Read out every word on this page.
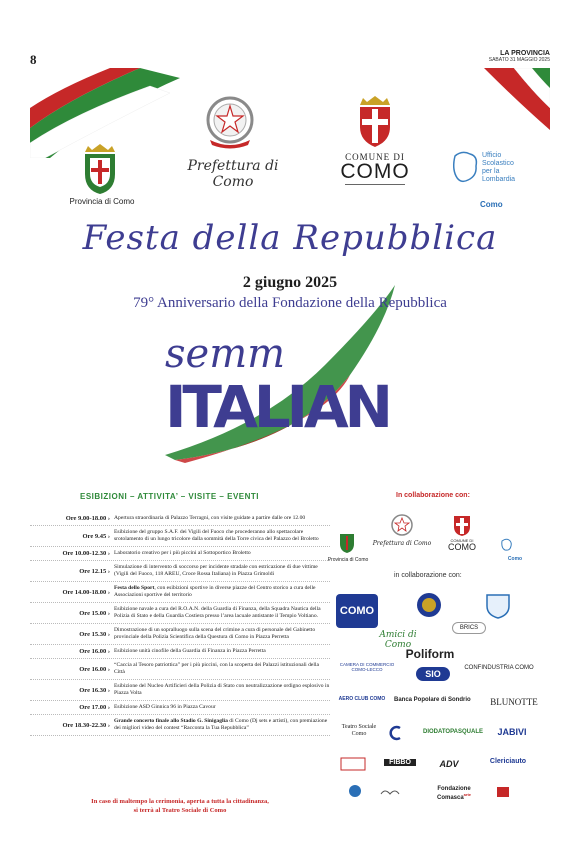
8	LA PROVINCIA
SABATO 31 MAGGIO 2025
Provincia di Como
Prefettura di Como
COMUNE DI
COMO
Ufficio
Scolastico
per la
Lombardia
Como
Festa della Repubblica
2 giugno 2025
semm
ITALIAN
79° Anniversario della Fondazione della Repubblica
ESIBIZIONI – ATTIVITA’ – VISITE – EVENTI	In collaborazione con:
in collaborazione con:
Ore 9.00-18.00 › Apertura straordinaria di Palazzo Terragni, con visite guidate a partire dalle ore 12.00
Ore 9.45 ›
Esibizione del gruppo S.A.F. dei Vigili del Fuoco che procederanno allo spettacolare srotolamento di un lungo tricolore dalla sommità della Torre civica del Palazzo del Broletto
Ore 10.00-12.30 › Laboratorio creativo per i più piccini al Sottoportico Broletto
Ore 12.15 ›
Simulazione di intervento di soccorso per incidente stradale con estricazione di due vittime (Vigili del Fuoco, 118 AREU, Croce Rossa Italiana) in Piazza Grimoldi
Ore 14.00-18.00 ›
Festa dello Sport, con esibizioni sportive in diverse piazze del Centro storico a cura delle Associazioni sportive del territorio
Ore 15.00 ›
Esibizione navale a cura del R.O.A.N. della Guardia di Finanza, della Squadra Nautica della Polizia di Stato e della Guardia Costiera presso l’area lacuale antistante il Tempio Voltiano.
Ore 15.30 ›
Dimostrazione di un sopralluogo sulla scena del crimine a cura di personale del Gabinetto provinciale della Polizia Scientifica della Questura di Como in Piazza Perretta
Ore 16.00 › Esibizione unità cinofile della Guardia di Finanza in Piazza Perretta
Ore 16.00 ›
“Caccia al Tesoro patriottica” per i più piccini, con la scoperta dei Palazzi istituzionali della Città
Ore 16.30 ›
Esibizione del Nucleo Artificieri della Polizia di Stato con neutralizzazione ordigno esplosivo in Piazza Volta
Ore 17.00 › Esibizione ASD Ginnica 96 in Piazza Cavour
Ore 18.30-22.30 ›
Grande concerto finale allo Stadio G. Sinigaglia di Como (Dj sets e artisti), con premiazione dei migliori video del contest “Racconta la Tua Repubblica”
In caso di maltempo la cerimonia, aperta a tutta la cittadinanza,
si terrà al Teatro Sociale di Como
Provincia di Como
Prefettura di Como	COMUNE DI
COMO
Como
COMO
Amici di Como
BRICS
Poliform
CAMERA DI COMMERCIO COMO-LECCO	SIO
CONFINDUSTRIA COMO
AERO CLUB COMO	Banca Popolare di Sondrio	BLUNOTTE
Teatro Sociale Como	DIODATOPASQUALE	JABIVI
FIBBO	ADV	Clericiauto
Fondazione Comasca$^{arte}$
